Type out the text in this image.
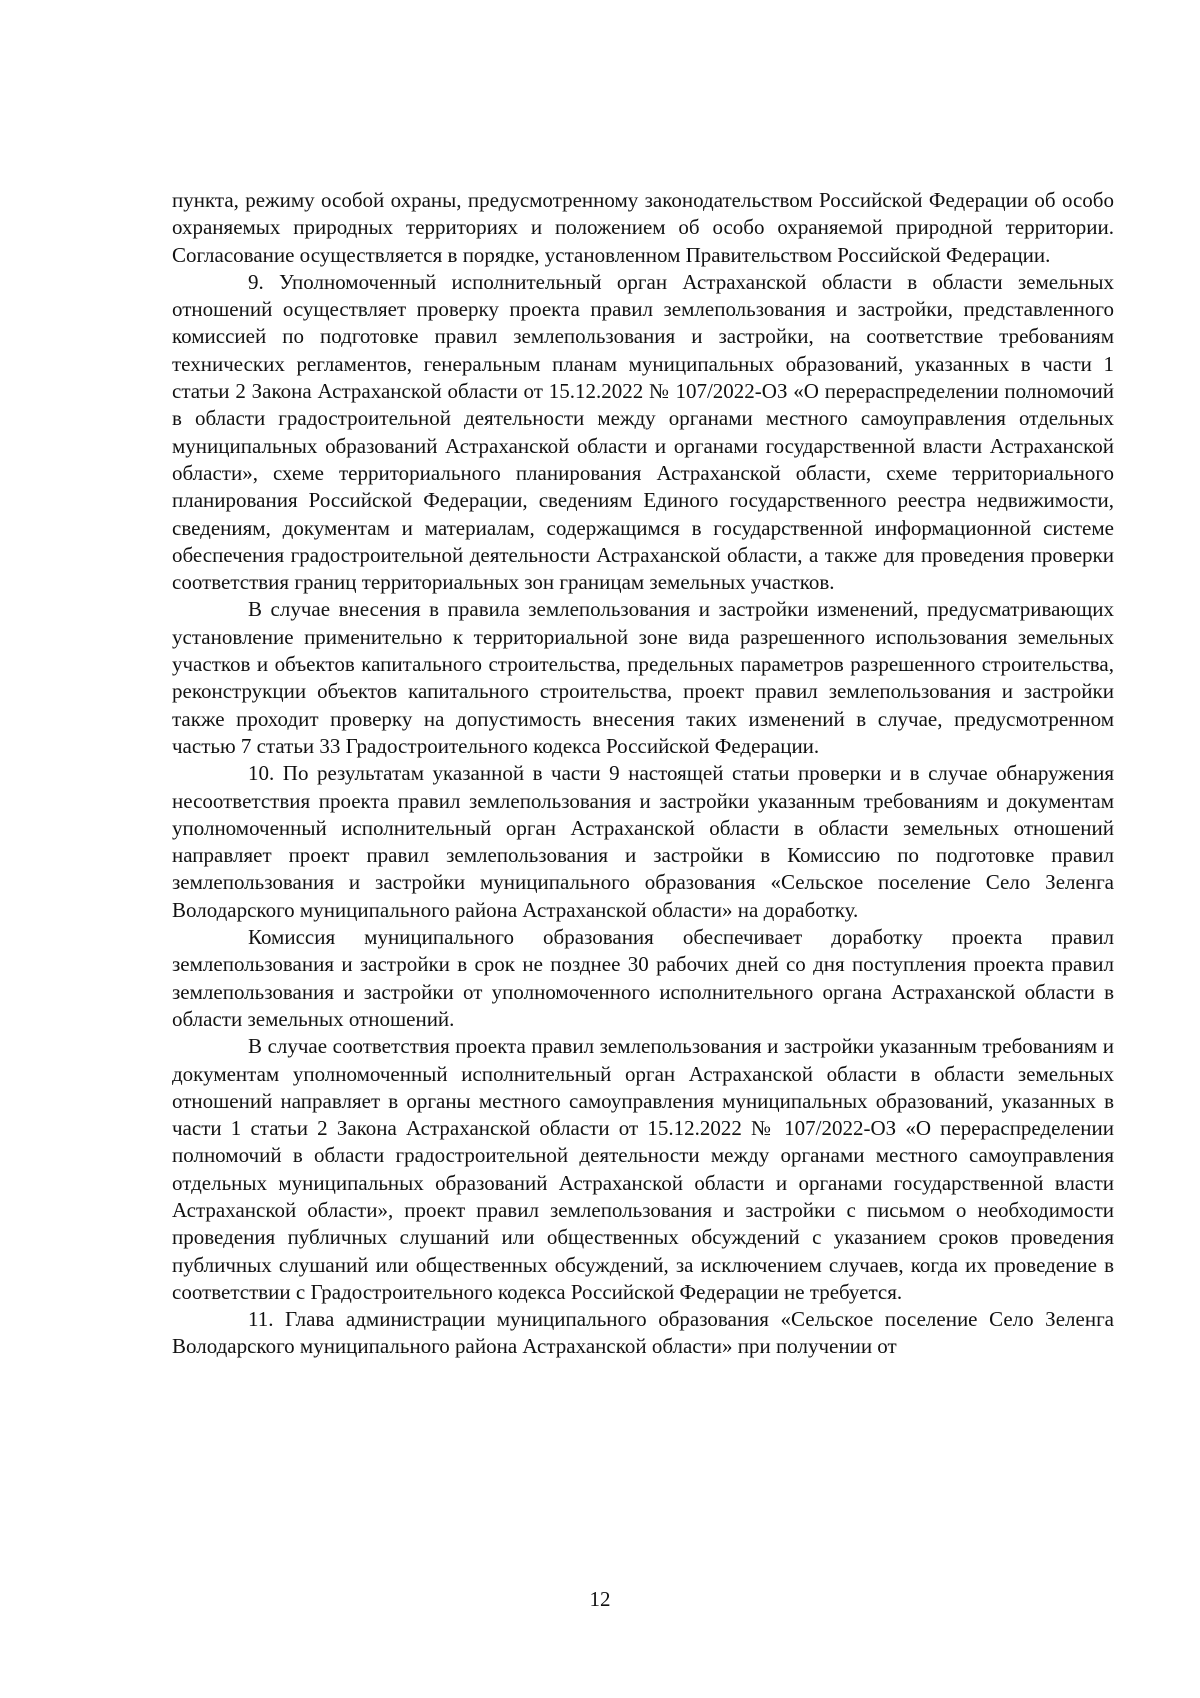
пункта, режиму особой охраны, предусмотренному законодательством Российской Федерации об особо охраняемых природных территориях и положением об особо охраняемой природной территории. Согласование осуществляется в порядке, установленном Правительством Российской Федерации.

9. Уполномоченный исполнительный орган Астраханской области в области земельных отношений осуществляет проверку проекта правил землепользования и застройки, представленного комиссией по подготовке правил землепользования и застройки, на соответствие требованиям технических регламентов, генеральным планам муниципальных образований, указанных в части 1 статьи 2 Закона Астраханской области от 15.12.2022 № 107/2022-ОЗ «О перераспределении полномочий в области градостроительной деятельности между органами местного самоуправления отдельных муниципальных образований Астраханской области и органами государственной власти Астраханской области», схеме территориального планирования Астраханской области, схеме территориального планирования Российской Федерации, сведениям Единого государственного реестра недвижимости, сведениям, документам и материалам, содержащимся в государственной информационной системе обеспечения градостроительной деятельности Астраханской области, а также для проведения проверки соответствия границ территориальных зон границам земельных участков.

В случае внесения в правила землепользования и застройки изменений, предусматривающих установление применительно к территориальной зоне вида разрешенного использования земельных участков и объектов капитального строительства, предельных параметров разрешенного строительства, реконструкции объектов капитального строительства, проект правил землепользования и застройки также проходит проверку на допустимость внесения таких изменений в случае, предусмотренном частью 7 статьи 33 Градостроительного кодекса Российской Федерации.

10. По результатам указанной в части 9 настоящей статьи проверки и в случае обнаружения несоответствия проекта правил землепользования и застройки указанным требованиям и документам уполномоченный исполнительный орган Астраханской области в области земельных отношений направляет проект правил землепользования и застройки в Комиссию по подготовке правил землепользования и застройки муниципального образования «Сельское поселение Село Зеленга Володарского муниципального района Астраханской области» на доработку.

Комиссия муниципального образования обеспечивает доработку проекта правил землепользования и застройки в срок не позднее 30 рабочих дней со дня поступления проекта правил землепользования и застройки от уполномоченного исполнительного органа Астраханской области в области земельных отношений.

В случае соответствия проекта правил землепользования и застройки указанным требованиям и документам уполномоченный исполнительный орган Астраханской области в области земельных отношений направляет в органы местного самоуправления муниципальных образований, указанных в части 1 статьи 2 Закона Астраханской области от 15.12.2022 № 107/2022-ОЗ «О перераспределении полномочий в области градостроительной деятельности между органами местного самоуправления отдельных муниципальных образований Астраханской области и органами государственной власти Астраханской области», проект правил землепользования и застройки с письмом о необходимости проведения публичных слушаний или общественных обсуждений с указанием сроков проведения публичных слушаний или общественных обсуждений, за исключением случаев, когда их проведение в соответствии с Градостроительного кодекса Российской Федерации не требуется.

11. Глава администрации муниципального образования «Сельское поселение Село Зеленга Володарского муниципального района Астраханской области» при получении от

12
